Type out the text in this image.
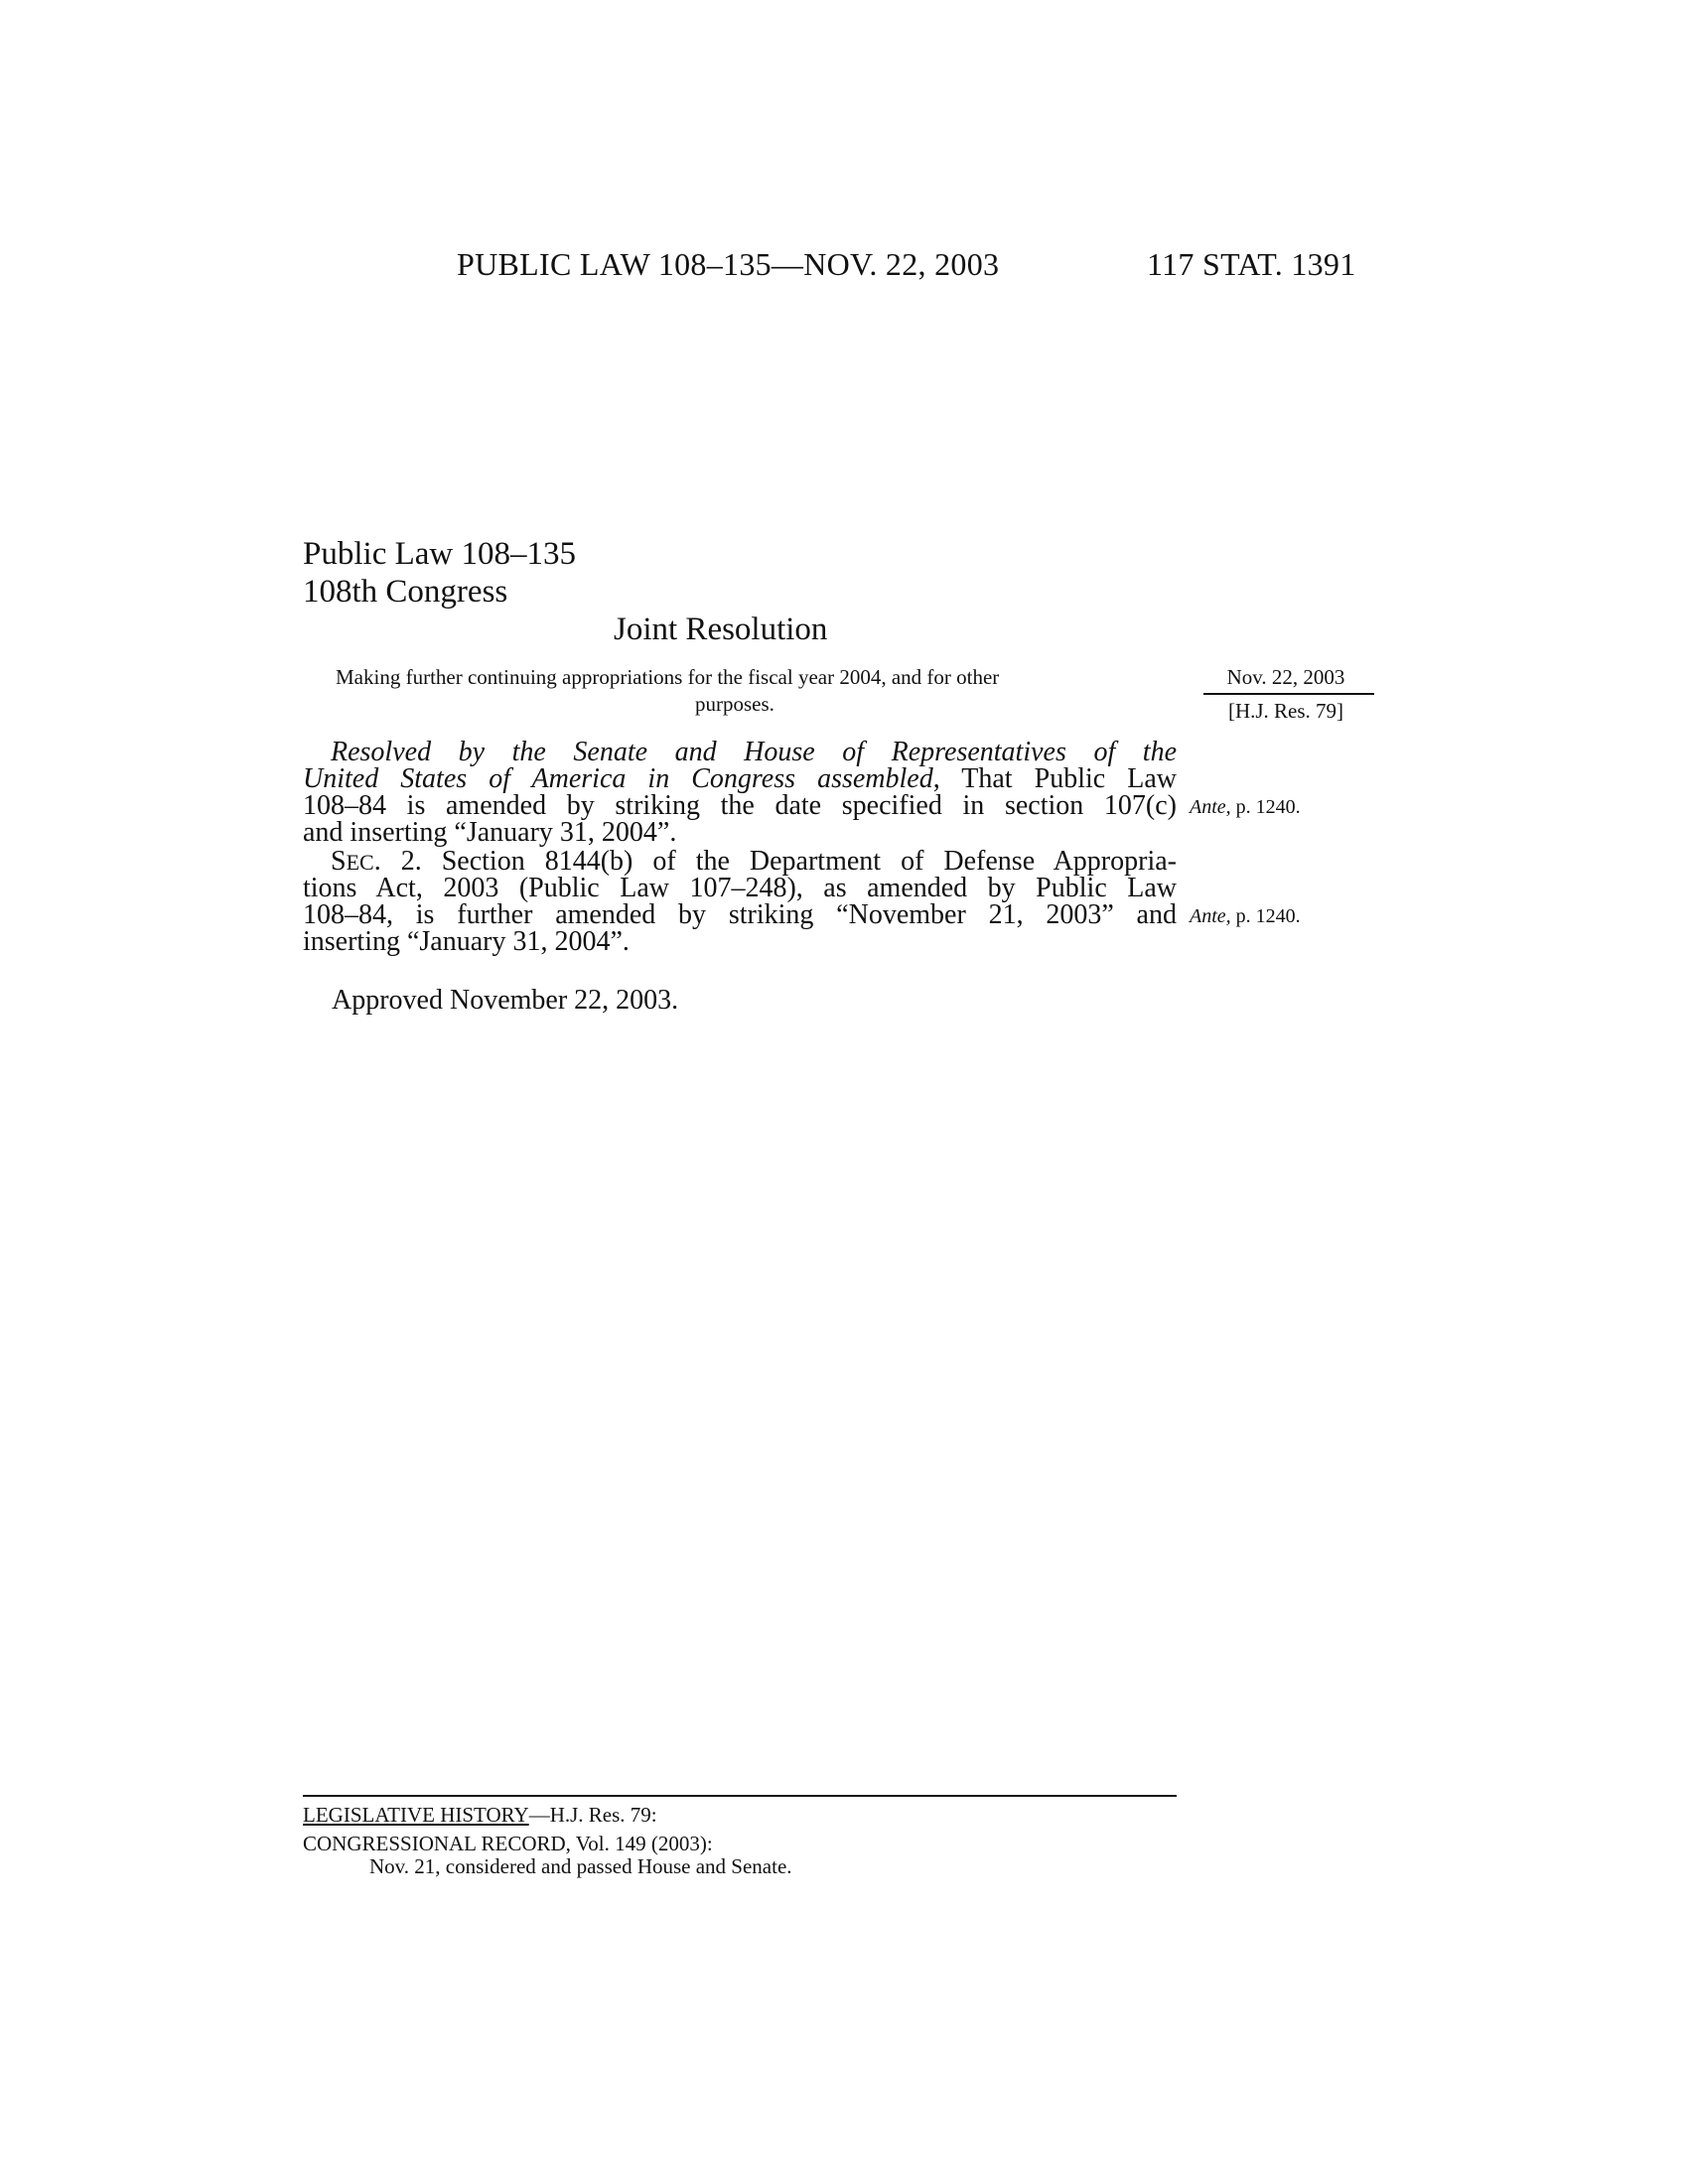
PUBLIC LAW 108–135—NOV. 22, 2003	117 STAT. 1391
Public Law 108–135
108th Congress
Joint Resolution
Making further continuing appropriations for the fiscal year 2004, and for other
purposes.
Nov. 22, 2003
[H.J. Res. 79]
Resolved by the Senate and House of Representatives of the
United States of America in Congress assembled, That Public Law
108–84 is amended by striking the date specified in section 107(c)
and inserting “January 31, 2004”.
SEC. 2. Section 8144(b) of the Department of Defense Appropria-
tions Act, 2003 (Public Law 107–248), as amended by Public Law
108–84, is further amended by striking “November 21, 2003” and
inserting “January 31, 2004”.
Ante, p. 1240.
Ante, p. 1240.
Approved November 22, 2003.
LEGISLATIVE HISTORY—H.J. Res. 79:
CONGRESSIONAL RECORD, Vol. 149 (2003):
Nov. 21, considered and passed House and Senate.
